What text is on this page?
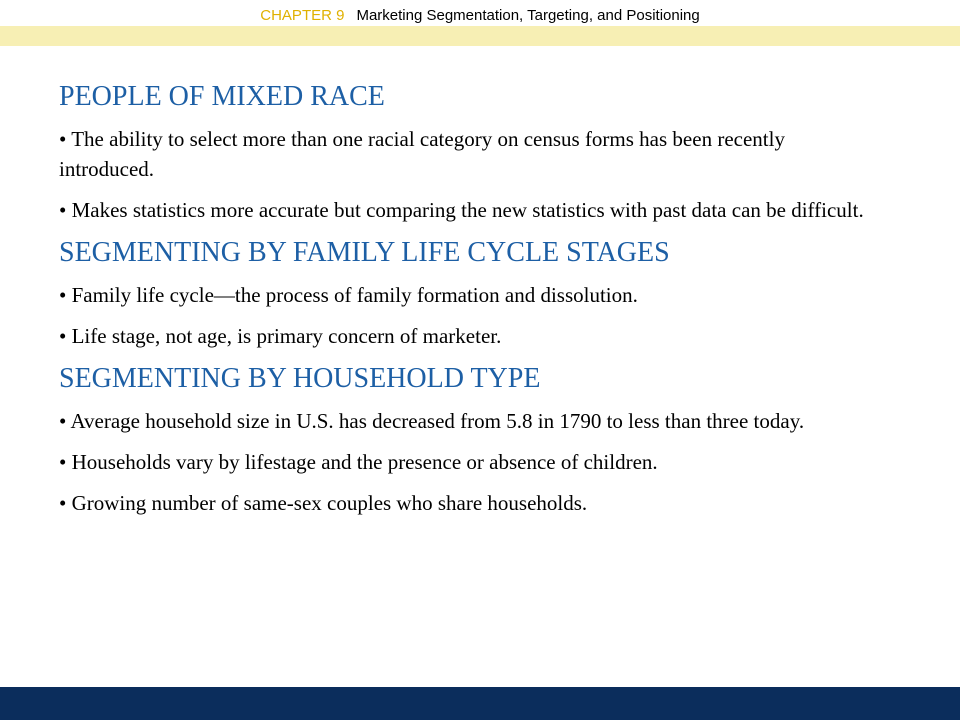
CHAPTER 9 Marketing Segmentation, Targeting, and Positioning
PEOPLE OF MIXED RACE
• The ability to select more than one racial category on census forms has been recently introduced.
• Makes statistics more accurate but comparing the new statistics with past data can be difficult.
SEGMENTING BY FAMILY LIFE CYCLE STAGES
• Family life cycle—the process of family formation and dissolution.
• Life stage, not age, is primary concern of marketer.
SEGMENTING BY HOUSEHOLD TYPE
• Average household size in U.S. has decreased from 5.8 in 1790 to less than three today.
• Households vary by lifestage and the presence or absence of children.
• Growing number of same-sex couples who share households.
